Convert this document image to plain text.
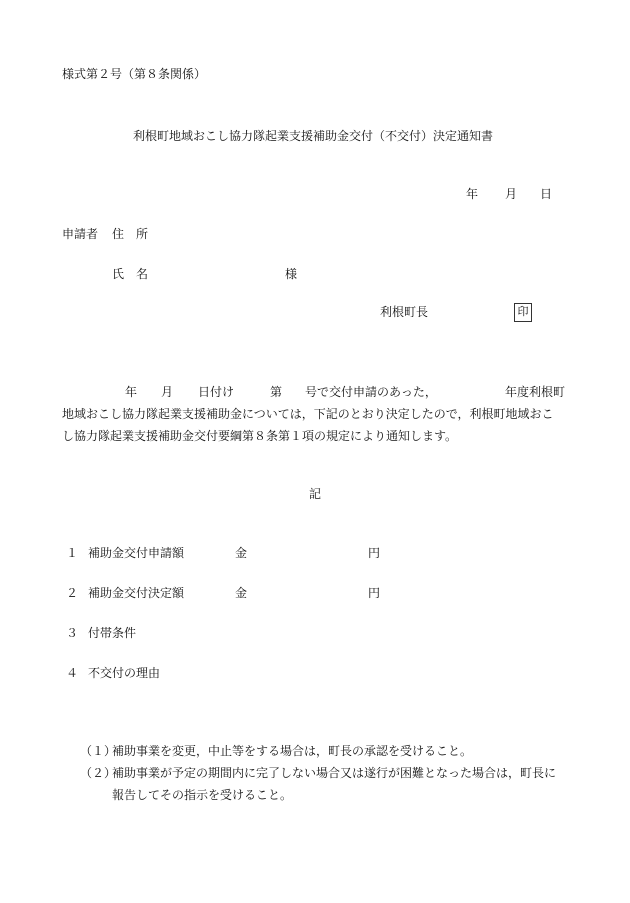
様式第２号（第８条関係）
利根町地域おこし協力隊起業支援補助金交付（不交付）決定通知書
年 月 日
申請者 住　所
氏　名	様
利根町長	印
年 月 日付け	第 号で交付申請のあった，	年度利根町
地域おこし協力隊起業支援補助金については，下記のとおり決定したので，利根町地域おこ
し協力隊起業支援補助金交付要綱第８条第１項の規定により通知します。
記
１ 補助金交付申請額	金	円
２ 補助金交付決定額	金	円
３ 付帯条件
４ 不交付の理由
（１）
補助事業を変更，中止等をする場合は，町長の承認を受けること。
（２）
補助事業が予定の期間内に完了しない場合又は遂行が困難となった場合は，町長に
報告してその指示を受けること。
